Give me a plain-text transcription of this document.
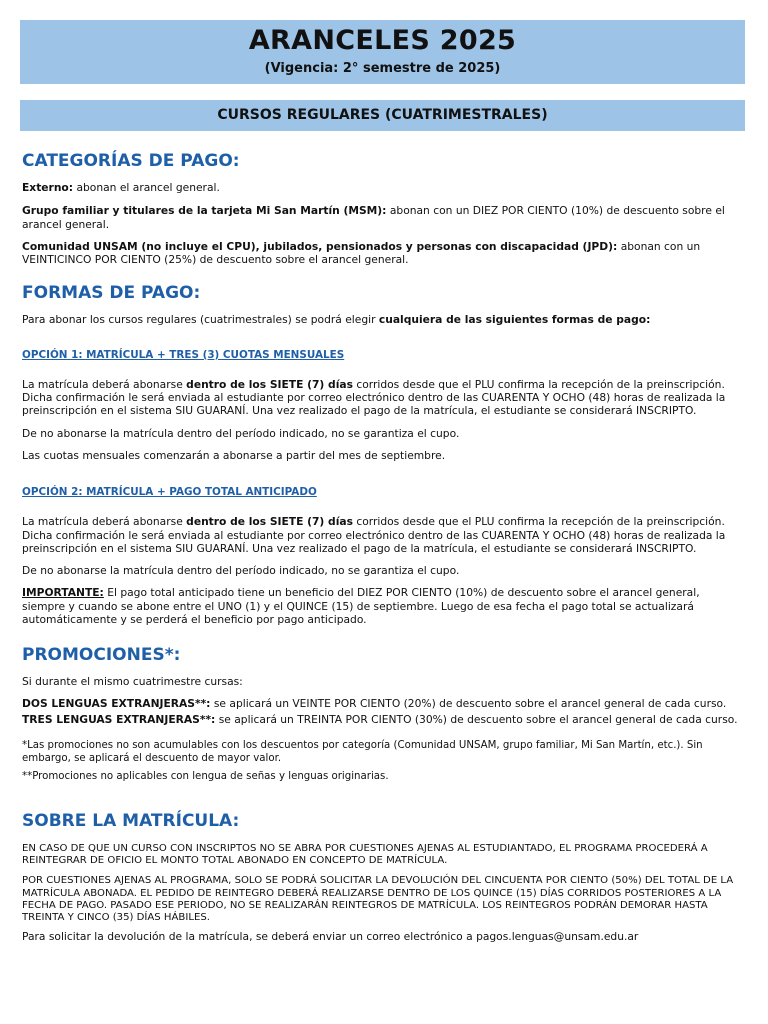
ARANCELES 2025
(Vigencia: 2° semestre de 2025)
CURSOS REGULARES (CUATRIMESTRALES)
CATEGORÍAS DE PAGO:

Externo: abonan el arancel general.

Grupo familiar y titulares de la tarjeta Mi San Martín (MSM): abonan con un DIEZ POR CIENTO (10%) de descuento sobre el arancel general.

Comunidad UNSAM (no incluye el CPU), jubilados, pensionados y personas con discapacidad (JPD): abonan con un VEINTICINCO POR CIENTO (25%) de descuento sobre el arancel general.

FORMAS DE PAGO:

Para abonar los cursos regulares (cuatrimestrales) se podrá elegir cualquiera de las siguientes formas de pago:

OPCIÓN 1: MATRÍCULA + TRES (3) CUOTAS MENSUALES

La matrícula deberá abonarse dentro de los SIETE (7) días corridos desde que el PLU confirma la recepción de la preinscripción. Dicha confirmación le será enviada al estudiante por correo electrónico dentro de las CUARENTA Y OCHO (48) horas de realizada la preinscripción en el sistema SIU GUARANÍ. Una vez realizado el pago de la matrícula, el estudiante se considerará INSCRIPTO.

De no abonarse la matrícula dentro del período indicado, no se garantiza el cupo.

Las cuotas mensuales comenzarán a abonarse a partir del mes de septiembre.

OPCIÓN 2: MATRÍCULA + PAGO TOTAL ANTICIPADO

La matrícula deberá abonarse dentro de los SIETE (7) días corridos desde que el PLU confirma la recepción de la preinscripción. Dicha confirmación le será enviada al estudiante por correo electrónico dentro de las CUARENTA Y OCHO (48) horas de realizada la preinscripción en el sistema SIU GUARANÍ. Una vez realizado el pago de la matrícula, el estudiante se considerará INSCRIPTO.

De no abonarse la matrícula dentro del período indicado, no se garantiza el cupo.

IMPORTANTE: El pago total anticipado tiene un beneficio del DIEZ POR CIENTO (10%) de descuento sobre el arancel general, siempre y cuando se abone entre el UNO (1) y el QUINCE (15) de septiembre. Luego de esa fecha el pago total se actualizará automáticamente y se perderá el beneficio por pago anticipado.

PROMOCIONES*:

Si durante el mismo cuatrimestre cursas:

DOS LENGUAS EXTRANJERAS**: se aplicará un VEINTE POR CIENTO (20%) de descuento sobre el arancel general de cada curso.

TRES LENGUAS EXTRANJERAS**: se aplicará un TREINTA POR CIENTO (30%) de descuento sobre el arancel general de cada curso.

*Las promociones no son acumulables con los descuentos por categoría (Comunidad UNSAM, grupo familiar, Mi San Martín, etc.). Sin embargo, se aplicará el descuento de mayor valor.

**Promociones no aplicables con lengua de señas y lenguas originarias.

SOBRE LA MATRÍCULA:

EN CASO DE QUE UN CURSO CON INSCRIPTOS NO SE ABRA POR CUESTIONES AJENAS AL ESTUDIANTADO, EL PROGRAMA PROCEDERÁ A REINTEGRAR DE OFICIO EL MONTO TOTAL ABONADO EN CONCEPTO DE MATRÍCULA.

POR CUESTIONES AJENAS AL PROGRAMA, SOLO SE PODRÁ SOLICITAR LA DEVOLUCIÓN DEL CINCUENTA POR CIENTO (50%) DEL TOTAL DE LA MATRÍCULA ABONADA. EL PEDIDO DE REINTEGRO DEBERÁ REALIZARSE DENTRO DE LOS QUINCE (15) DÍAS CORRIDOS POSTERIORES A LA FECHA DE PAGO. PASADO ESE PERIODO, NO SE REALIZARÁN REINTEGROS DE MATRÍCULA. LOS REINTEGROS PODRÁN DEMORAR HASTA TREINTA Y CINCO (35) DÍAS HÁBILES.

Para solicitar la devolución de la matrícula, se deberá enviar un correo electrónico a pagos.lenguas@unsam.edu.ar
